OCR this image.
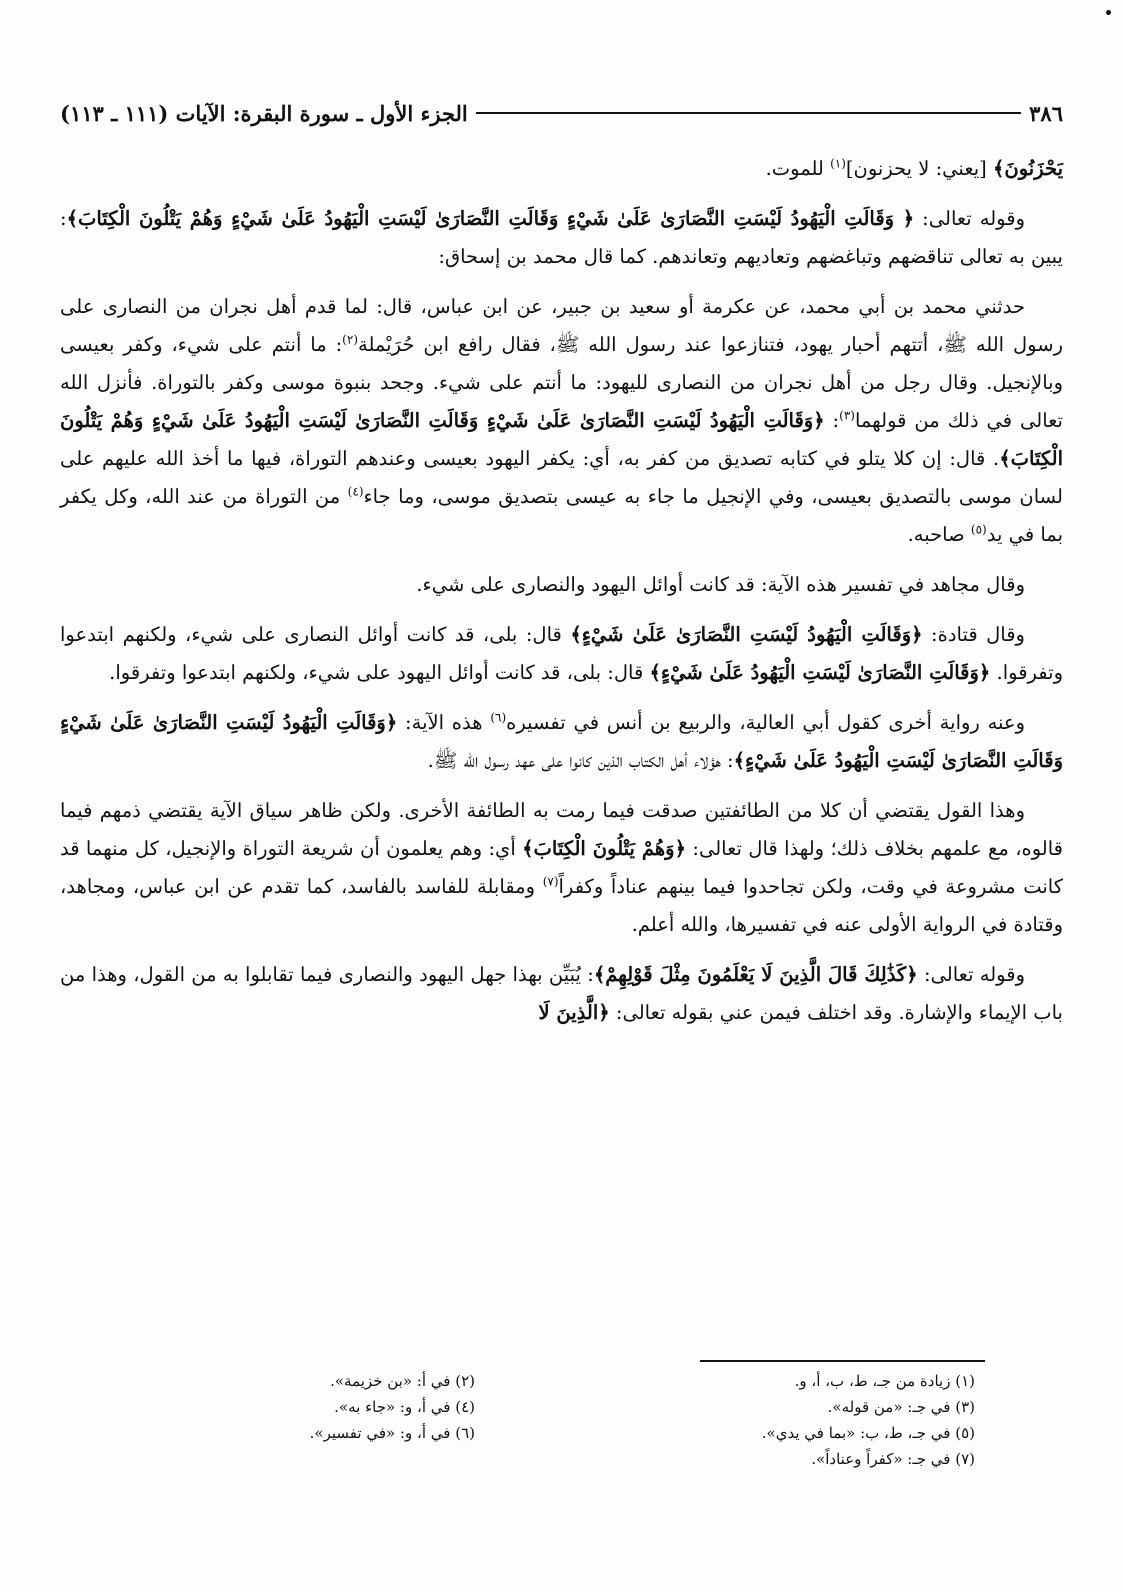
٣٨٦
الجزء الأول ـ سورة البقرة: الآيات (١١١ ـ ١١٣)

يَحْزَنُونَ﴾ [يعني: لا يحزنون]$^{(١)}$ للموت.

وقوله تعالى: ﴿ وَقَالَتِ الْيَهُودُ لَيْسَتِ النَّصَارَىٰ عَلَىٰ شَيْءٍ وَقَالَتِ النَّصَارَىٰ لَيْسَتِ الْيَهُودُ عَلَىٰ شَيْءٍ وَهُمْ يَتْلُونَ الْكِتَابَ﴾: يبين به تعالى تناقضهم وتباغضهم وتعاديهم وتعاندهم. كما قال محمد بن إسحاق:

حدثني محمد بن أبي محمد، عن عكرمة أو سعيد بن جبير، عن ابن عباس، قال: لما قدم أهل نجران من النصارى على رسول الله ﷺ، أتتهم أحبار يهود، فتنازعوا عند رسول الله ﷺ، فقال رافع ابن حُرَيْملة$^{(٢)}$: ما أنتم على شيء، وكفر بعيسى وبالإنجيل. وقال رجل من أهل نجران من النصارى لليهود: ما أنتم على شيء. وجحد بنبوة موسى وكفر بالتوراة. فأنزل الله تعالى في ذلك من قولهما$^{(٣)}$: ﴿وَقَالَتِ الْيَهُودُ لَيْسَتِ النَّصَارَىٰ عَلَىٰ شَيْءٍ وَقَالَتِ النَّصَارَىٰ لَيْسَتِ الْيَهُودُ عَلَىٰ شَيْءٍ وَهُمْ يَتْلُونَ الْكِتَابَ﴾. قال: إن كلا يتلو في كتابه تصديق من كفر به، أي: يكفر اليهود بعيسى وعندهم التوراة، فيها ما أخذ الله عليهم على لسان موسى بالتصديق بعيسى، وفي الإنجيل ما جاء به عيسى بتصديق موسى، وما جاء$^{(٤)}$ من التوراة من عند الله، وكل يكفر بما في يد$^{(٥)}$ صاحبه.

وقال مجاهد في تفسير هذه الآية: قد كانت أوائل اليهود والنصارى على شيء.

وقال قتادة: ﴿وَقَالَتِ الْيَهُودُ لَيْسَتِ النَّصَارَىٰ عَلَىٰ شَيْءٍ﴾ قال: بلى، قد كانت أوائل النصارى على شيء، ولكنهم ابتدعوا وتفرقوا. ﴿وَقَالَتِ النَّصَارَىٰ لَيْسَتِ الْيَهُودُ عَلَىٰ شَيْءٍ﴾ قال: بلى، قد كانت أوائل اليهود على شيء، ولكنهم ابتدعوا وتفرقوا.

وعنه رواية أخرى كقول أبي العالية، والربيع بن أنس في تفسيره$^{(٦)}$ هذه الآية: ﴿وَقَالَتِ الْيَهُودُ لَيْسَتِ النَّصَارَىٰ عَلَىٰ شَيْءٍ وَقَالَتِ النَّصَارَىٰ لَيْسَتِ الْيَهُودُ عَلَىٰ شَيْءٍ﴾: هؤلاء أهل الكتاب الذين كانوا على عهد رسول الله ﷺ.

وهذا القول يقتضي أن كلا من الطائفتين صدقت فيما رمت به الطائفة الأخرى. ولكن ظاهر سياق الآية يقتضي ذمهم فيما قالوه، مع علمهم بخلاف ذلك؛ ولهذا قال تعالى: ﴿وَهُمْ يَتْلُونَ الْكِتَابَ﴾ أي: وهم يعلمون أن شريعة التوراة والإنجيل، كل منهما قد كانت مشروعة في وقت، ولكن تجاحدوا فيما بينهم عناداً وكفراً$^{(٧)}$ ومقابلة للفاسد بالفاسد، كما تقدم عن ابن عباس، ومجاهد، وقتادة في الرواية الأولى عنه في تفسيرها، والله أعلم.

وقوله تعالى: ﴿كَذَٰلِكَ قَالَ الَّذِينَ لَا يَعْلَمُونَ مِثْلَ قَوْلِهِمْ﴾: يُبَيِّن بهذا جهل اليهود والنصارى فيما تقابلوا به من القول، وهذا من باب الإيماء والإشارة. وقد اختلف فيمن عني بقوله تعالى: ﴿الَّذِينَ لَا

(١) زيادة من جـ، ط، ب، أ، و.
(٣) في جـ: «من قوله».
(٥) في جـ، ط، ب: «بما في يدي».
(٧) في جـ: «كفراً وعناداً».
(٢) في أ: «بن خزيمة».
(٤) في أ، و: «جاء به».
(٦) في أ، و: «في تفسير».
